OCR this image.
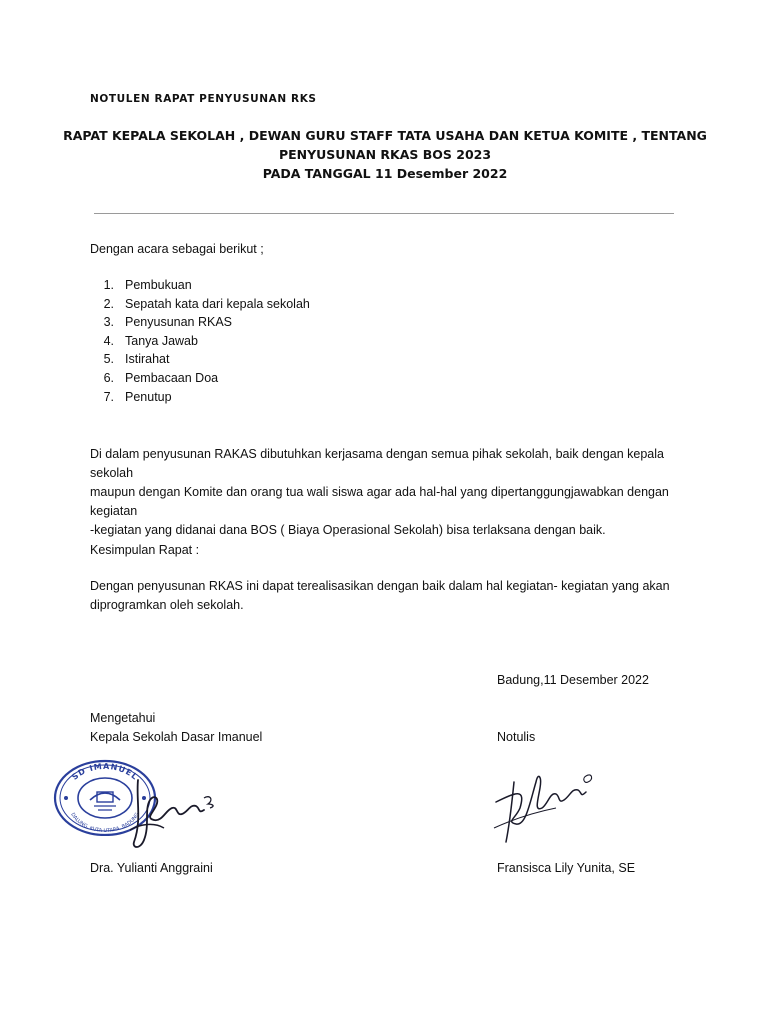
NOTULEN RAPAT PENYUSUNAN RKS
RAPAT KEPALA SEKOLAH , DEWAN GURU STAFF TATA USAHA DAN KETUA KOMITE , TENTANG
PENYUSUNAN RKAS BOS 2023
PADA TANGGAL 11 Desember 2022
Dengan acara sebagai berikut ;
1. Pembukuan
2. Sepatah kata dari kepala sekolah
3. Penyusunan RKAS
4. Tanya Jawab
5. Istirahat
6. Pembacaan Doa
7. Penutup
Di dalam penyusunan RAKAS dibutuhkan kerjasama dengan semua pihak sekolah, baik dengan kepala sekolah
maupun dengan Komite dan orang tua wali siswa agar ada hal-hal yang dipertanggungjawabkan dengan kegiatan
-kegiatan yang didanai dana BOS ( Biaya Operasional Sekolah) bisa terlaksana dengan baik.
Kesimpulan Rapat :
Dengan penyusunan RKAS ini dapat terealisasikan dengan baik dalam hal kegiatan- kegiatan yang akan
diprogramkan oleh sekolah.
Badung,11 Desember 2022
Mengetahui
Kepala Sekolah Dasar Imanuel	Notulis
SD IMANUEL
DALUNG, KUTA UTARA, BADUNG
Dra. Yulianti Anggraini	Fransisca Lily Yunita, SE
